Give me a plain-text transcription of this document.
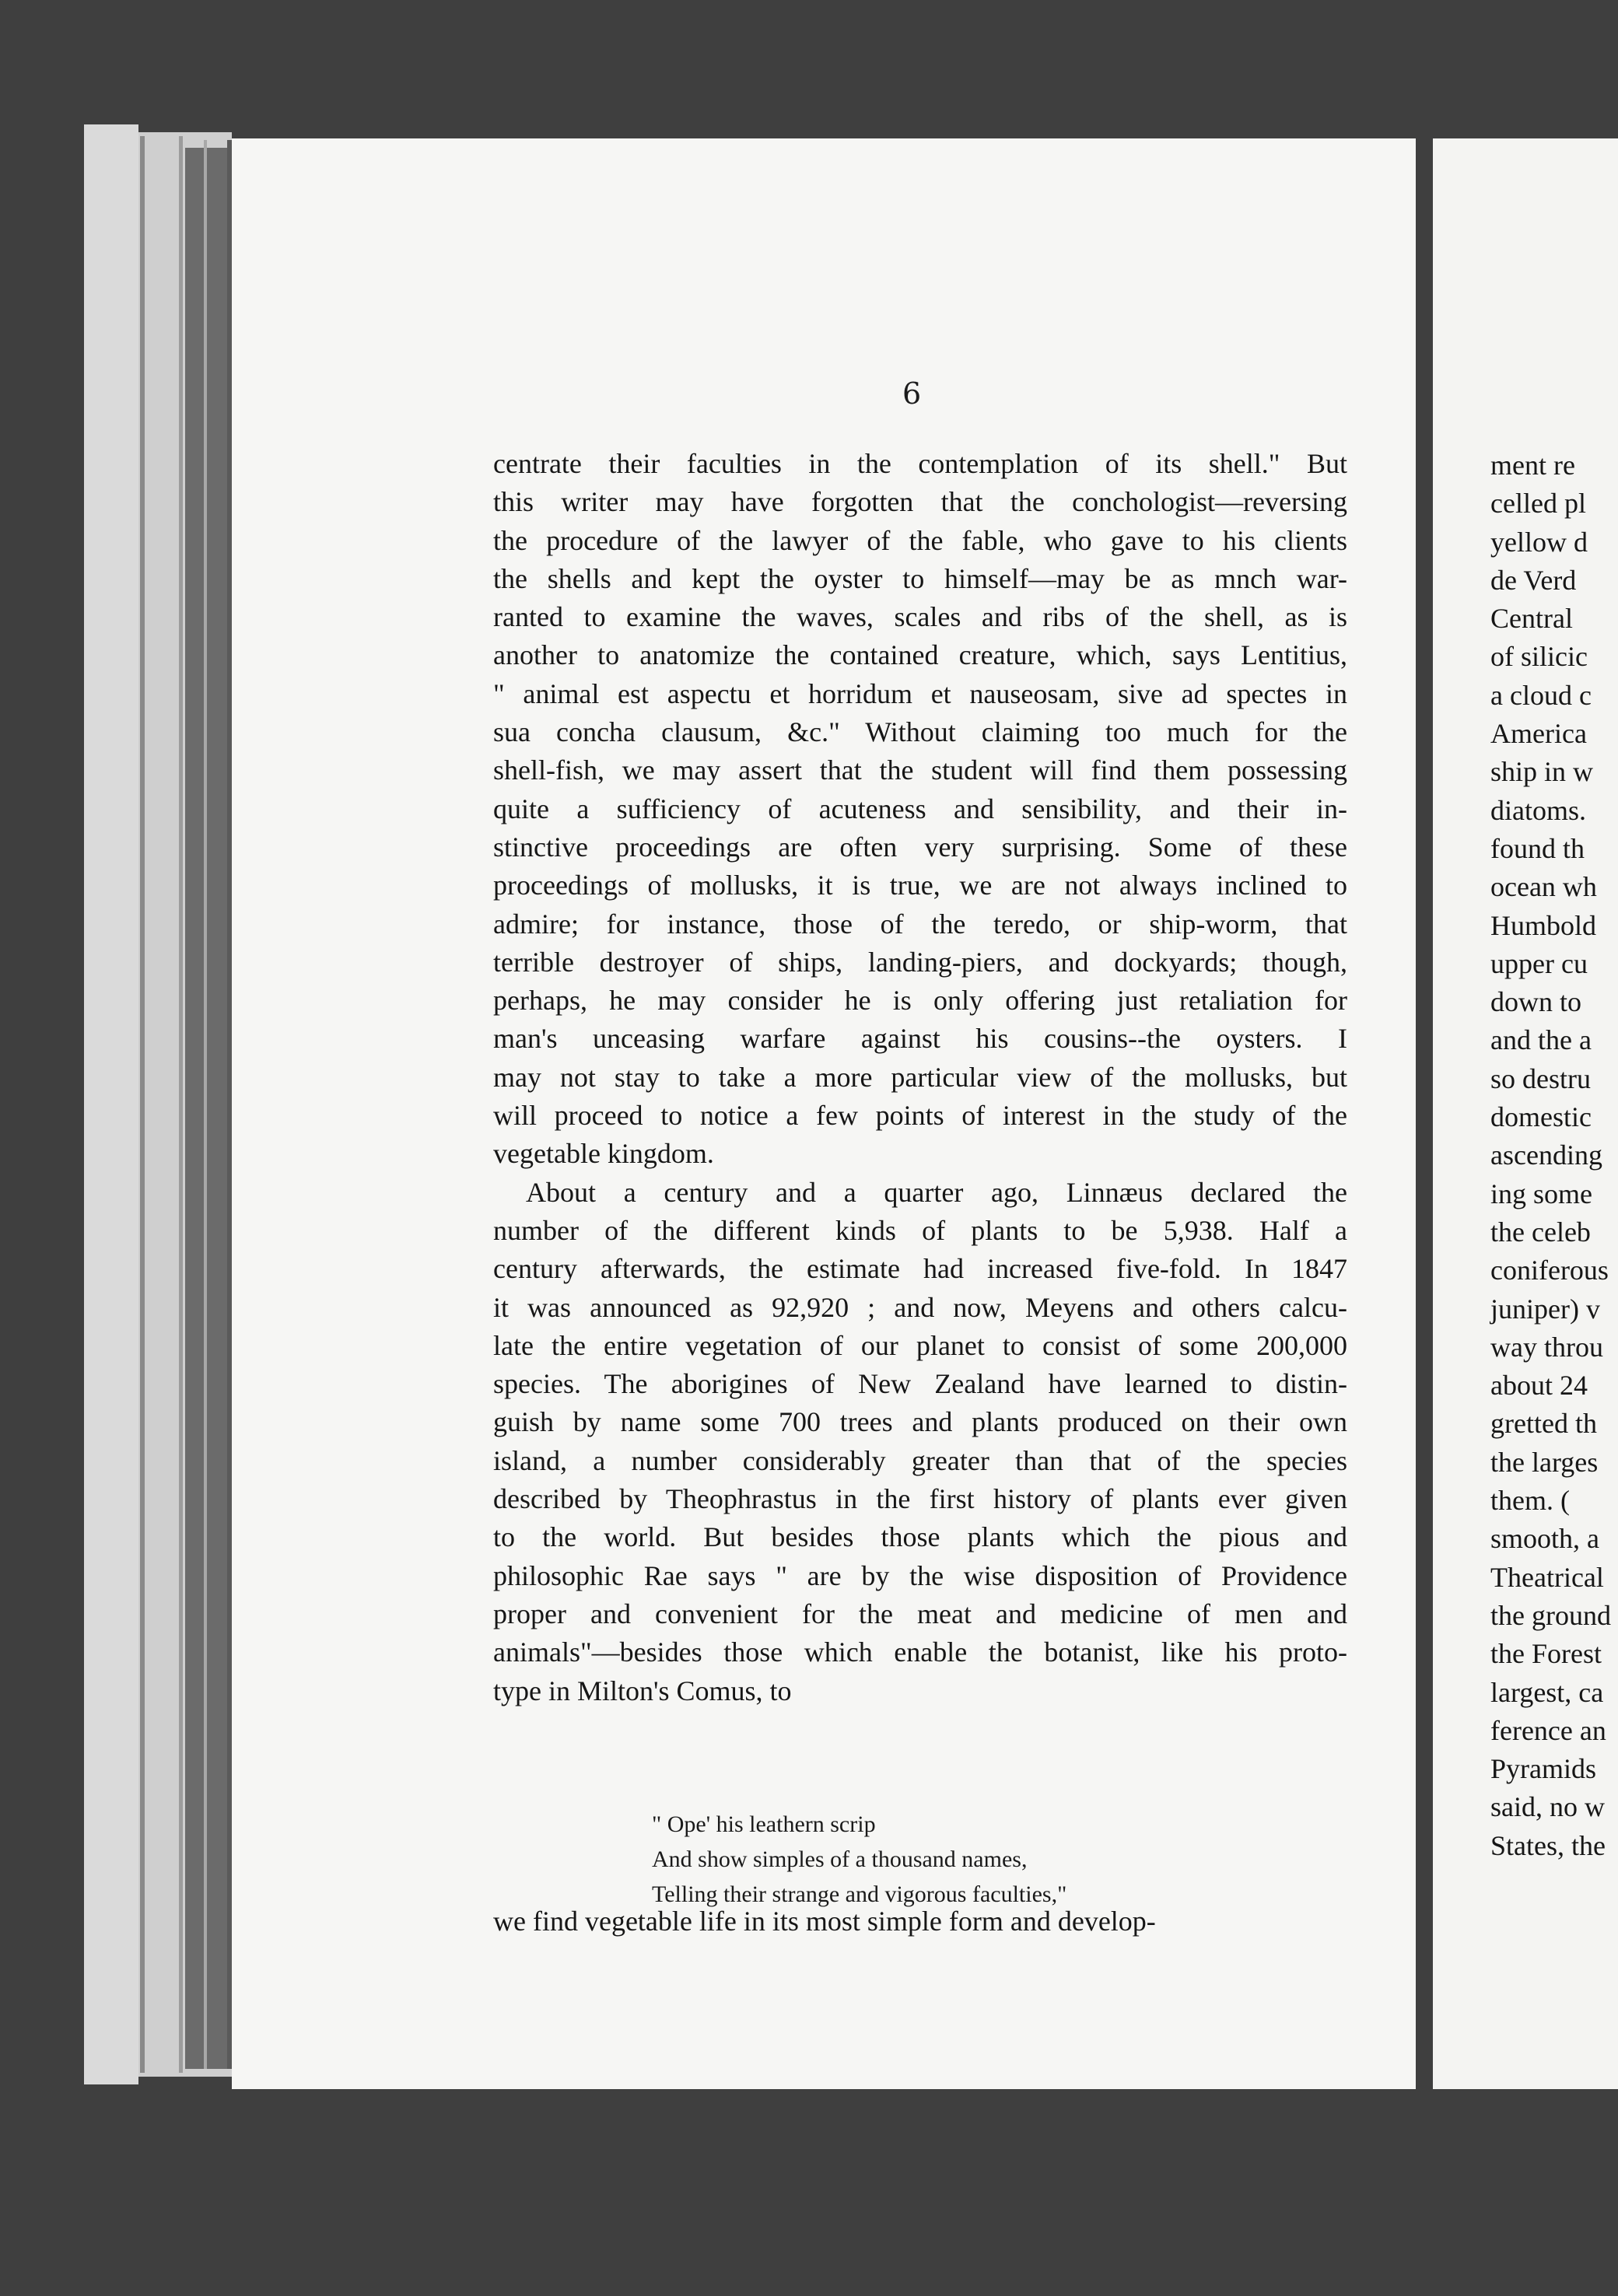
6
centrate their faculties in the contemplation of its shell." But
this writer may have forgotten that the conchologist—reversing
the procedure of the lawyer of the fable, who gave to his clients
the shells and kept the oyster to himself—may be as mnch war-
ranted to examine the waves, scales and ribs of the shell, as is
another to anatomize the contained creature, which, says Lentitius,
" animal est aspectu et horridum et nauseosam, sive ad spectes in
sua concha clausum, &c." Without claiming too much for the
shell-fish, we may assert that the student will find them possessing
quite a sufficiency of acuteness and sensibility, and their in-
stinctive proceedings are often very surprising. Some of these
proceedings of mollusks, it is true, we are not always inclined to
admire; for instance, those of the teredo, or ship-worm, that
terrible destroyer of ships, landing-piers, and dockyards; though,
perhaps, he may consider he is only offering just retaliation for
man's unceasing warfare against his cousins--the oysters. I
may not stay to take a more particular view of the mollusks, but
will proceed to notice a few points of interest in the study of the
vegetable kingdom.
About a century and a quarter ago, Linnæus declared the
number of the different kinds of plants to be 5,938. Half a
century afterwards, the estimate had increased five-fold. In 1847
it was announced as 92,920 ; and now, Meyens and others calcu-
late the entire vegetation of our planet to consist of some 200,000
species. The aborigines of New Zealand have learned to distin-
guish by name some 700 trees and plants produced on their own
island, a number considerably greater than that of the species
described by Theophrastus in the first history of plants ever given
to the world. But besides those plants which the pious and
philosophic Rae says " are by the wise disposition of Providence
proper and convenient for the meat and medicine of men and
animals"—besides those which enable the botanist, like his proto-
type in Milton's Comus, to
" Ope' his leathern scrip
And show simples of a thousand names,
Telling their strange and vigorous faculties,"
we find vegetable life in its most simple form and develop-
ment re
celled pl
yellow d
de Verd
Central
of silicic
a cloud c
America
ship in w
diatoms.
found th
ocean wh
Humbold
upper cu
down to
and the a
so destru
domestic
ascending
ing some
the celeb
coniferous
juniper) v
way throu
about 24
gretted th
the larges
them. (
smooth, a
Theatrical
the ground
the Forest
largest, ca
ference an
Pyramids
said, no w
States, the
